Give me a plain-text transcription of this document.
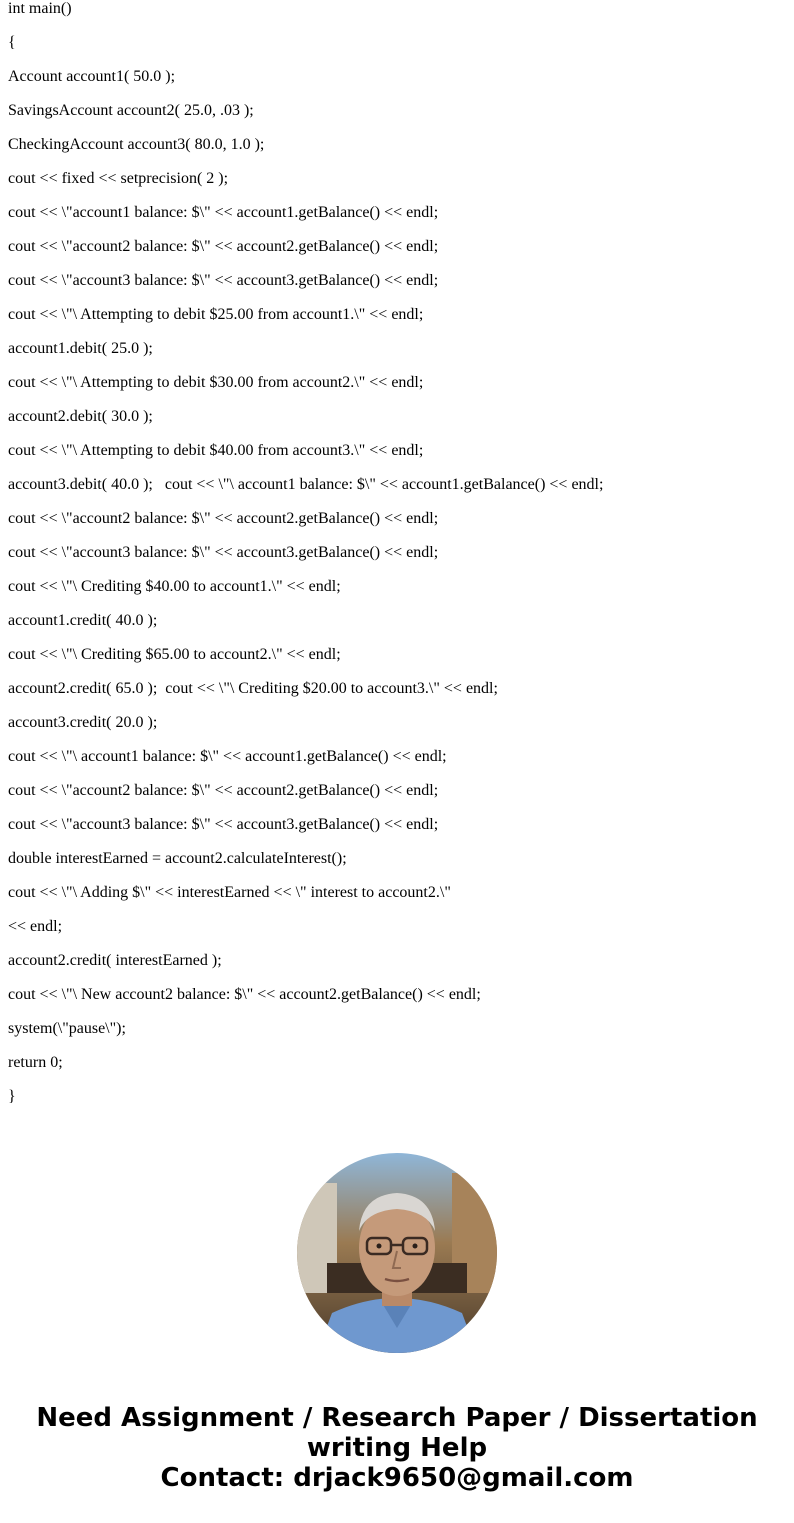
int main()
{
Account account1( 50.0 );
SavingsAccount account2( 25.0, .03 );
CheckingAccount account3( 80.0, 1.0 );
cout << fixed << setprecision( 2 );
cout << \"account1 balance: $\" << account1.getBalance() << endl;
cout << \"account2 balance: $\" << account2.getBalance() << endl;
cout << \"account3 balance: $\" << account3.getBalance() << endl;
cout << \"\ Attempting to debit $25.00 from account1.\" << endl;
account1.debit( 25.0 );
cout << \"\ Attempting to debit $30.00 from account2.\" << endl;
account2.debit( 30.0 );
cout << \"\ Attempting to debit $40.00 from account3.\" << endl;
account3.debit( 40.0 );   cout << \"\ account1 balance: $\" << account1.getBalance() << endl;
cout << \"account2 balance: $\" << account2.getBalance() << endl;
cout << \"account3 balance: $\" << account3.getBalance() << endl;
cout << \"\ Crediting $40.00 to account1.\" << endl;
account1.credit( 40.0 );
cout << \"\ Crediting $65.00 to account2.\" << endl;
account2.credit( 65.0 );  cout << \"\ Crediting $20.00 to account3.\" << endl;
account3.credit( 20.0 );
cout << \"\ account1 balance: $\" << account1.getBalance() << endl;
cout << \"account2 balance: $\" << account2.getBalance() << endl;
cout << \"account3 balance: $\" << account3.getBalance() << endl;
double interestEarned = account2.calculateInterest();
cout << \"\ Adding $\" << interestEarned << \" interest to account2.\"
<< endl;
account2.credit( interestEarned );
cout << \"\ New account2 balance: $\" << account2.getBalance() << endl;
system(\"pause\");
return 0;
}
Need Assignment / Research Paper / Dissertation writing Help
Contact: drjack9650@gmail.com
